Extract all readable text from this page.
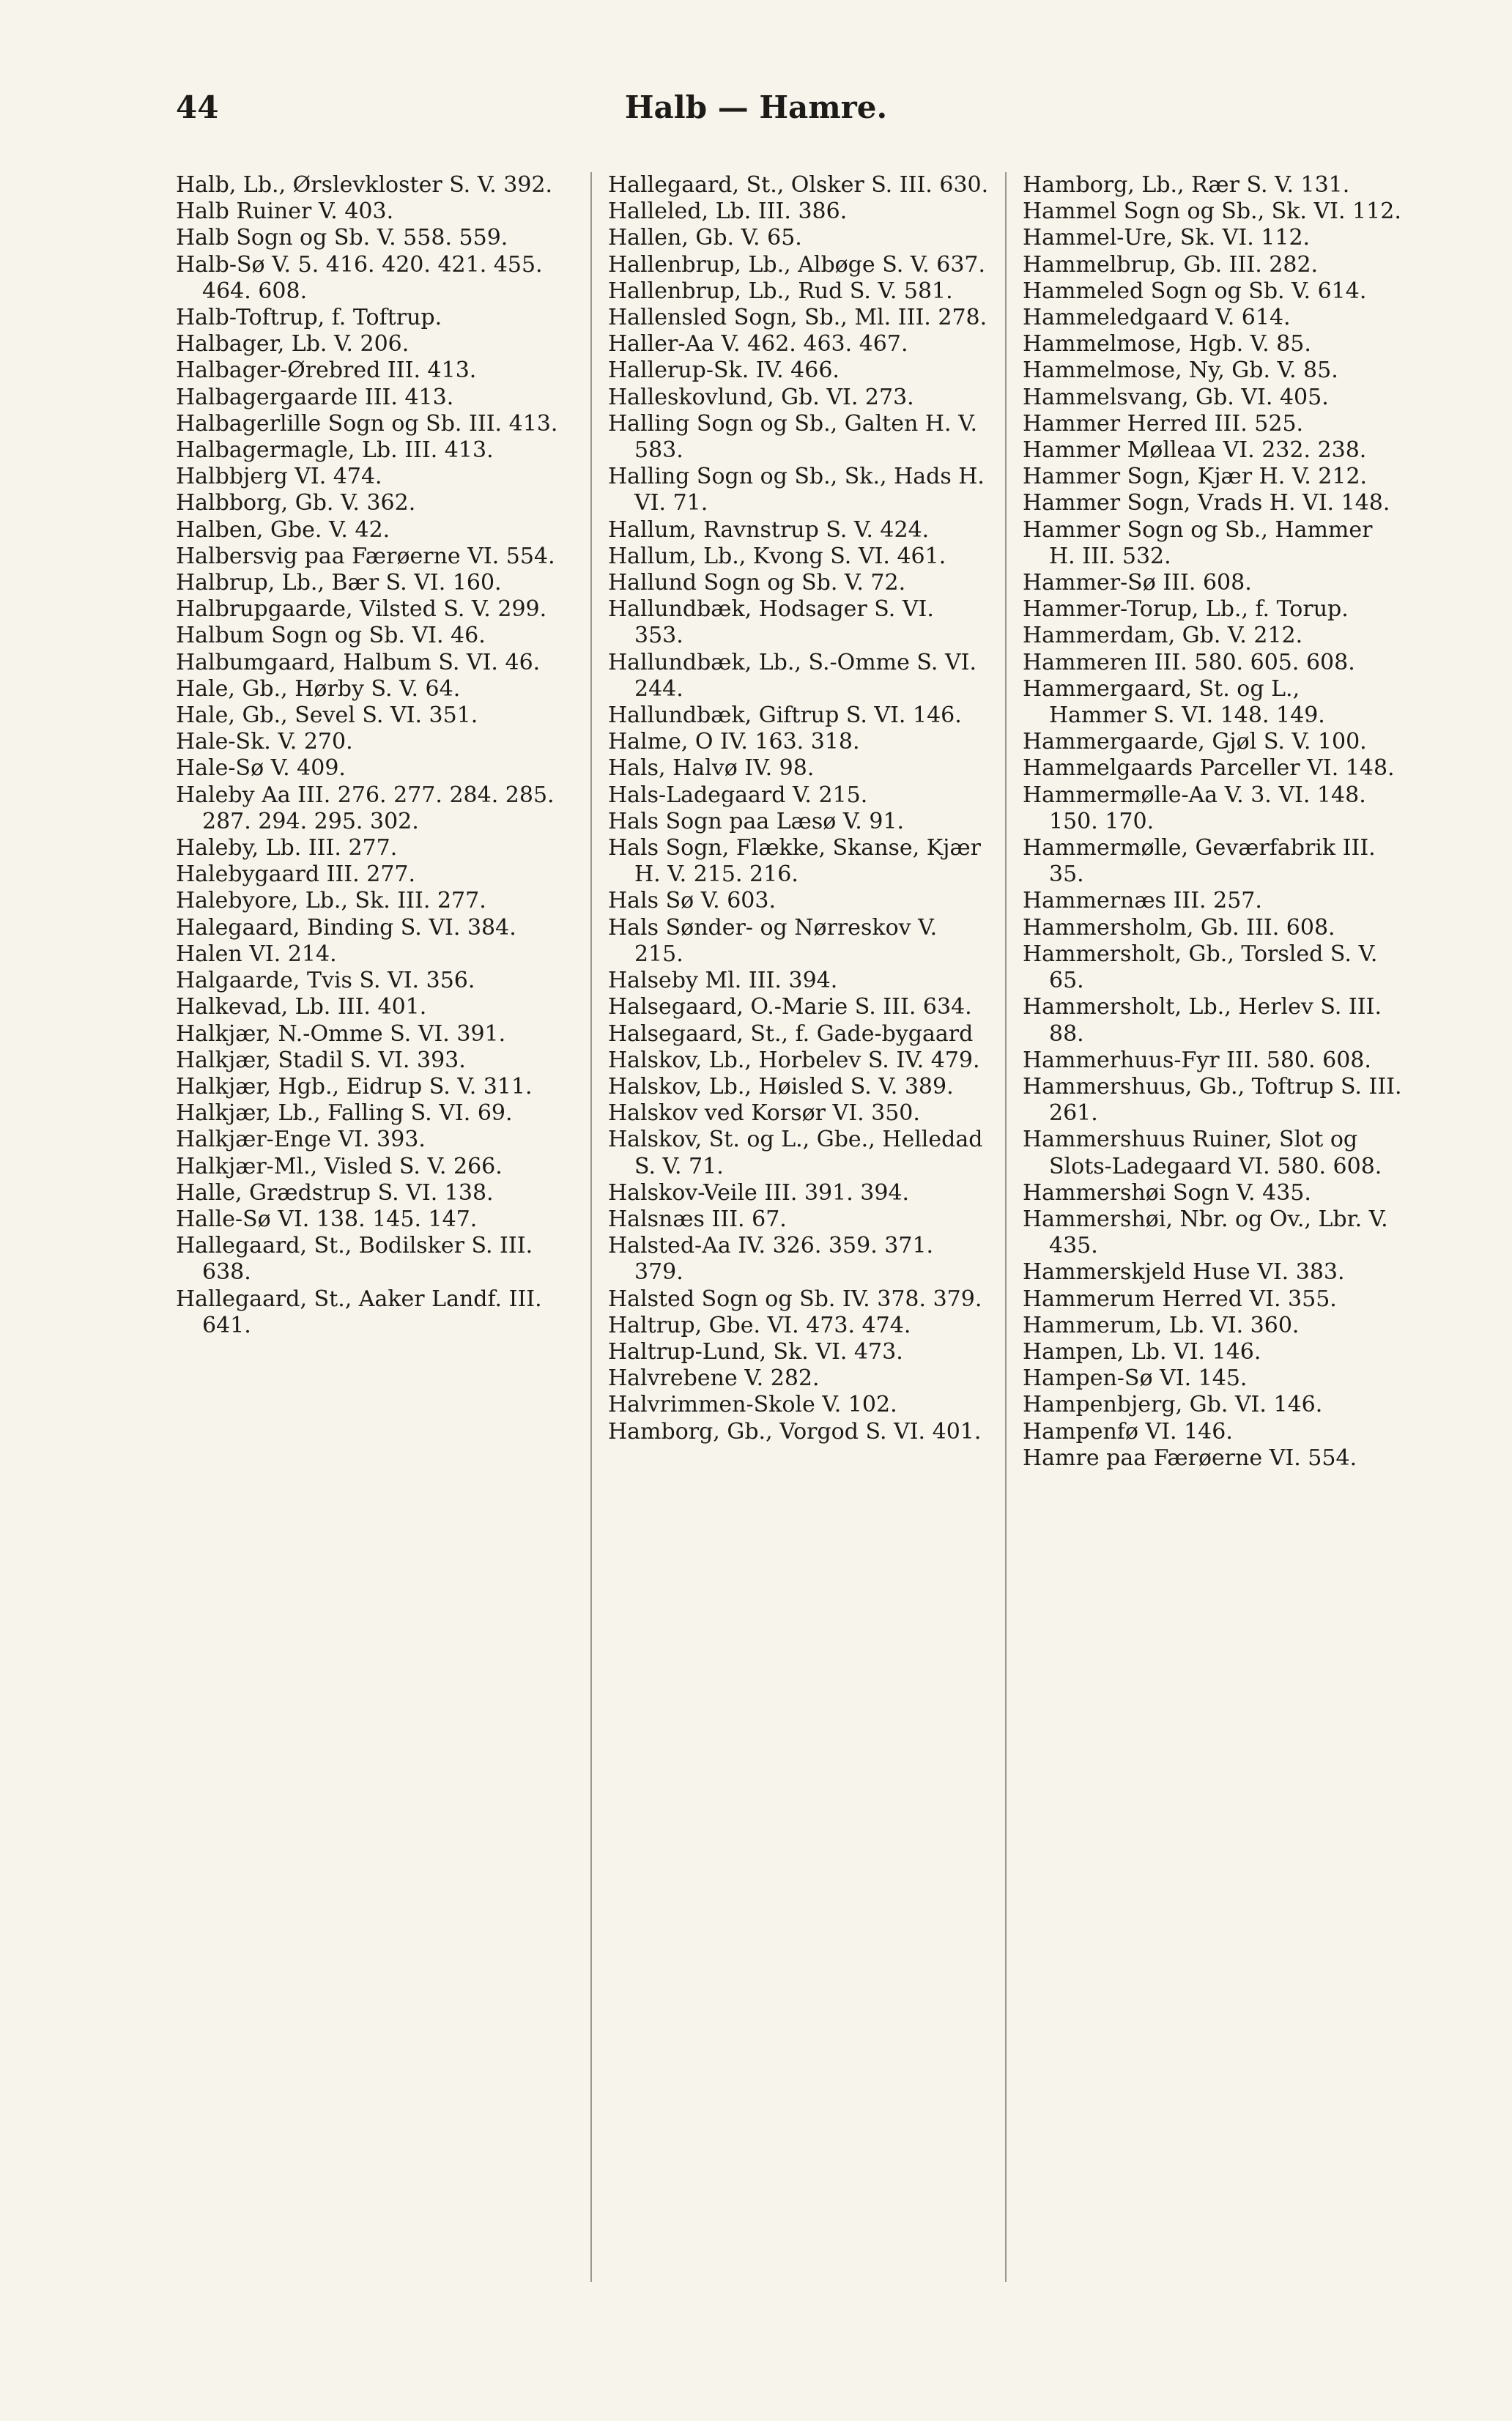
44	Halb — Hamre.
Halb, Lb., Ørslevkloster S. V. 392.
Halb Ruiner V. 403.
Halb Sogn og Sb. V. 558. 559.
Halb-Sø V. 5. 416. 420. 421. 455. 464. 608.
Halb-Toftrup, f. Toftrup.
Halbager, Lb. V. 206.
Halbager-Ørebred III. 413.
Halbagergaarde III. 413.
Halbagerlille Sogn og Sb. III. 413.
Halbagermagle, Lb. III. 413.
Halbbjerg VI. 474.
Halbborg, Gb. V. 362.
Halben, Gbe. V. 42.
Halbersvig paa Færøerne VI. 554.
Halbrup, Lb., Bær S. VI. 160.
Halbrupgaarde, Vilsted S. V. 299.
Halbum Sogn og Sb. VI. 46.
Halbumgaard, Halbum S. VI. 46.
Hale, Gb., Hørby S. V. 64.
Hale, Gb., Sevel S. VI. 351.
Hale-Sk. V. 270.
Hale-Sø V. 409.
Haleby Aa III. 276. 277. 284. 285. 287. 294. 295. 302.
Haleby, Lb. III. 277.
Halebygaard III. 277.
Halebyore, Lb., Sk. III. 277.
Halegaard, Binding S. VI. 384.
Halen VI. 214.
Halgaarde, Tvis S. VI. 356.
Halkevad, Lb. III. 401.
Halkjær, N.-Omme S. VI. 391.
Halkjær, Stadil S. VI. 393.
Halkjær, Hgb., Eidrup S. V. 311.
Halkjær, Lb., Falling S. VI. 69.
Halkjær-Enge VI. 393.
Halkjær-Ml., Visled S. V. 266.
Halle, Grædstrup S. VI. 138.
Halle-Sø VI. 138. 145. 147.
Hallegaard, St., Bodilsker S. III. 638.
Hallegaard, St., Aaker Landf. III. 641.
Hallegaard, St., Olsker S. III. 630.
Halleled, Lb. III. 386.
Hallen, Gb. V. 65.
Hallenbrup, Lb., Albøge S. V. 637.
Hallenbrup, Lb., Rud S. V. 581.
Hallensled Sogn, Sb., Ml. III. 278.
Haller-Aa V. 462. 463. 467.
Hallerup-Sk. IV. 466.
Halleskovlund, Gb. VI. 273.
Halling Sogn og Sb., Galten H. V. 583.
Halling Sogn og Sb., Sk., Hads H. VI. 71.
Hallum, Ravnstrup S. V. 424.
Hallum, Lb., Kvong S. VI. 461.
Hallund Sogn og Sb. V. 72.
Hallundbæk, Hodsager S. VI. 353.
Hallundbæk, Lb., S.-Omme S. VI. 244.
Hallundbæk, Giftrup S. VI. 146.
Halme, O IV. 163. 318.
Hals, Halvø IV. 98.
Hals-Ladegaard V. 215.
Hals Sogn paa Læsø V. 91.
Hals Sogn, Flække, Skanse, Kjær H. V. 215. 216.
Hals Sø V. 603.
Hals Sønder- og Nørreskov V. 215.
Halseby Ml. III. 394.
Halsegaard, O.-Marie S. III. 634.
Halsegaard, St., f. Gade-bygaard
Halskov, Lb., Horbelev S. IV. 479.
Halskov, Lb., Høisled S. V. 389.
Halskov ved Korsør VI. 350.
Halskov, St. og L., Gbe., Helledad S. V. 71.
Halskov-Veile III. 391. 394.
Halsnæs III. 67.
Halsted-Aa IV. 326. 359. 371. 379.
Halsted Sogn og Sb. IV. 378. 379.
Haltrup, Gbe. VI. 473. 474.
Haltrup-Lund, Sk. VI. 473.
Halvrebene V. 282.
Halvrimmen-Skole V. 102.
Hamborg, Gb., Vorgod S. VI. 401.
Hamborg, Lb., Rær S. V. 131.
Hammel Sogn og Sb., Sk. VI. 112.
Hammel-Ure, Sk. VI. 112.
Hammelbrup, Gb. III. 282.
Hammeled Sogn og Sb. V. 614.
Hammeledgaard V. 614.
Hammelmose, Hgb. V. 85.
Hammelmose, Ny, Gb. V. 85.
Hammelsvang, Gb. VI. 405.
Hammer Herred III. 525.
Hammer Mølleaa VI. 232. 238.
Hammer Sogn, Kjær H. V. 212.
Hammer Sogn, Vrads H. VI. 148.
Hammer Sogn og Sb., Hammer H. III. 532.
Hammer-Sø III. 608.
Hammer-Torup, Lb., f. Torup.
Hammerdam, Gb. V. 212.
Hammeren III. 580. 605. 608.
Hammergaard, St. og L., Hammer S. VI. 148. 149.
Hammergaarde, Gjøl S. V. 100.
Hammelgaards Parceller VI. 148.
Hammermølle-Aa V. 3. VI. 148. 150. 170.
Hammermølle, Geværfabrik III. 35.
Hammernæs III. 257.
Hammersholm, Gb. III. 608.
Hammersholt, Gb., Torsled S. V. 65.
Hammersholt, Lb., Herlev S. III. 88.
Hammerhuus-Fyr III. 580. 608.
Hammershuus, Gb., Toftrup S. III. 261.
Hammershuus Ruiner, Slot og Slots-Ladegaard VI. 580. 608.
Hammershøi Sogn V. 435.
Hammershøi, Nbr. og Ov., Lbr. V. 435.
Hammerskjeld Huse VI. 383.
Hammerum Herred VI. 355.
Hammerum, Lb. VI. 360.
Hampen, Lb. VI. 146.
Hampen-Sø VI. 145.
Hampenbjerg, Gb. VI. 146.
Hampenfø VI. 146.
Hamre paa Færøerne VI. 554.
